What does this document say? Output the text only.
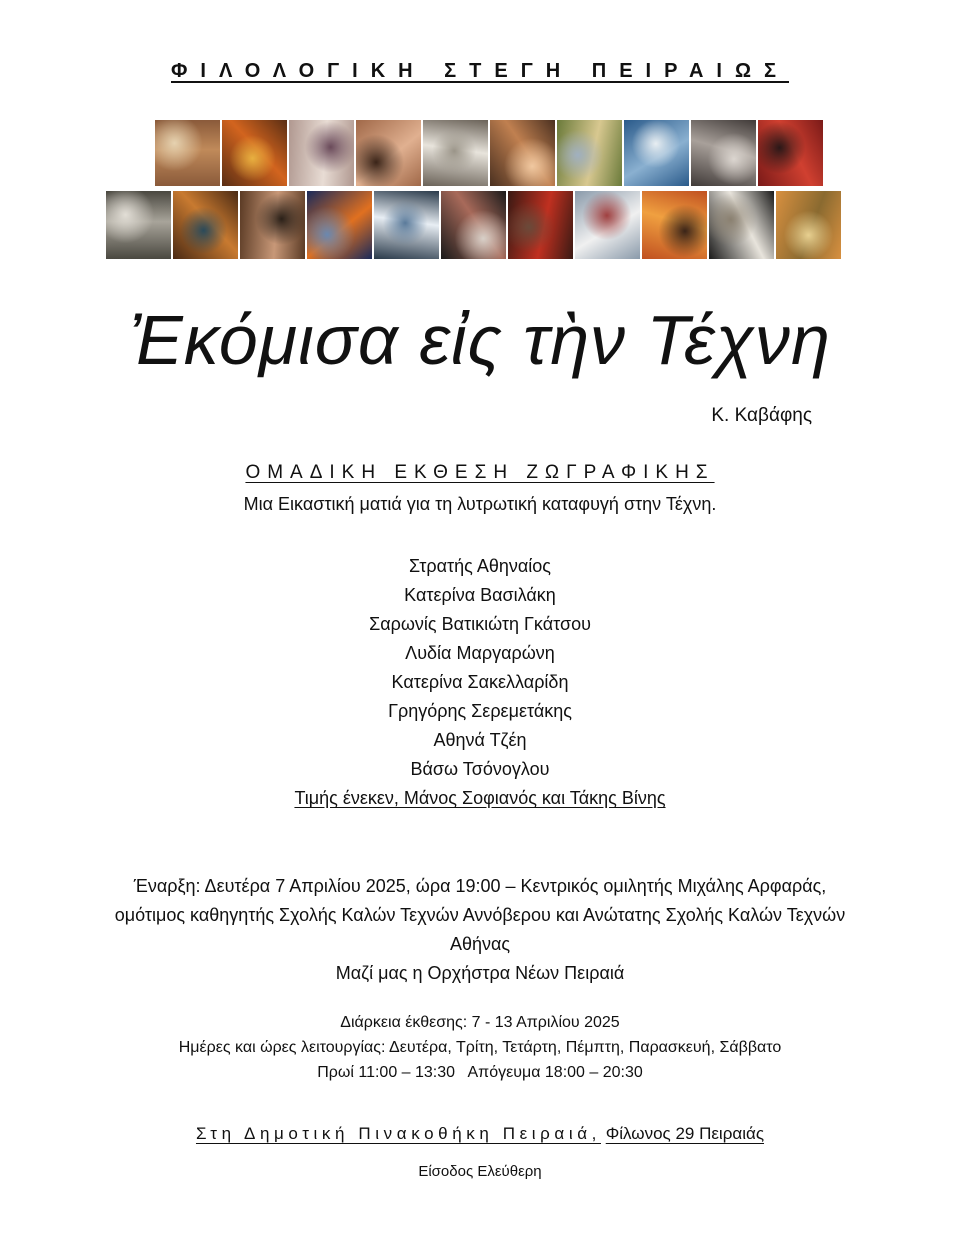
ΦΙΛΟΛΟΓΙΚΗ ΣΤΕΓΗ ΠΕΙΡΑΙΩΣ
Ἐκόμισα εἰς τὴν Τέχνη
Κ. Καβάφης
ΟΜΑΔΙΚΗ ΕΚΘΕΣΗ ΖΩΓΡΑΦΙΚΗΣ
Μια Εικαστική ματιά για τη λυτρωτική καταφυγή στην Τέχνη.
Στρατής Αθηναίος
Κατερίνα Βασιλάκη
Σαρωνίς Βατικιώτη Γκάτσου
Λυδία Μαργαρώνη
Κατερίνα Σακελλαρίδη
Γρηγόρης Σερεμετάκης
Αθηνά Τζέη
Βάσω Τσόνογλου
Τιμής ένεκεν, Μάνος Σοφιανός και Τάκης Βίνης
Έναρξη: Δευτέρα 7 Απριλίου 2025, ώρα 19:00 – Κεντρικός ομιλητής Μιχάλης Αρφαράς,
ομότιμος καθηγητής Σχολής Καλών Τεχνών Αννόβερου και Ανώτατης Σχολής Καλών Τεχνών
Αθήνας
Μαζί μας η Ορχήστρα Νέων Πειραιά
Διάρκεια έκθεσης: 7 - 13 Απριλίου 2025
Ημέρες και ώρες λειτουργίας: Δευτέρα, Τρίτη, Τετάρτη, Πέμπτη, Παρασκευή, Σάββατο
Πρωί 11:00 – 13:30   Απόγευμα 18:00 – 20:30
Στη Δημοτική Πινακοθήκη Πειραιά, Φίλωνος 29 Πειραιάς
Είσοδος Ελεύθερη
